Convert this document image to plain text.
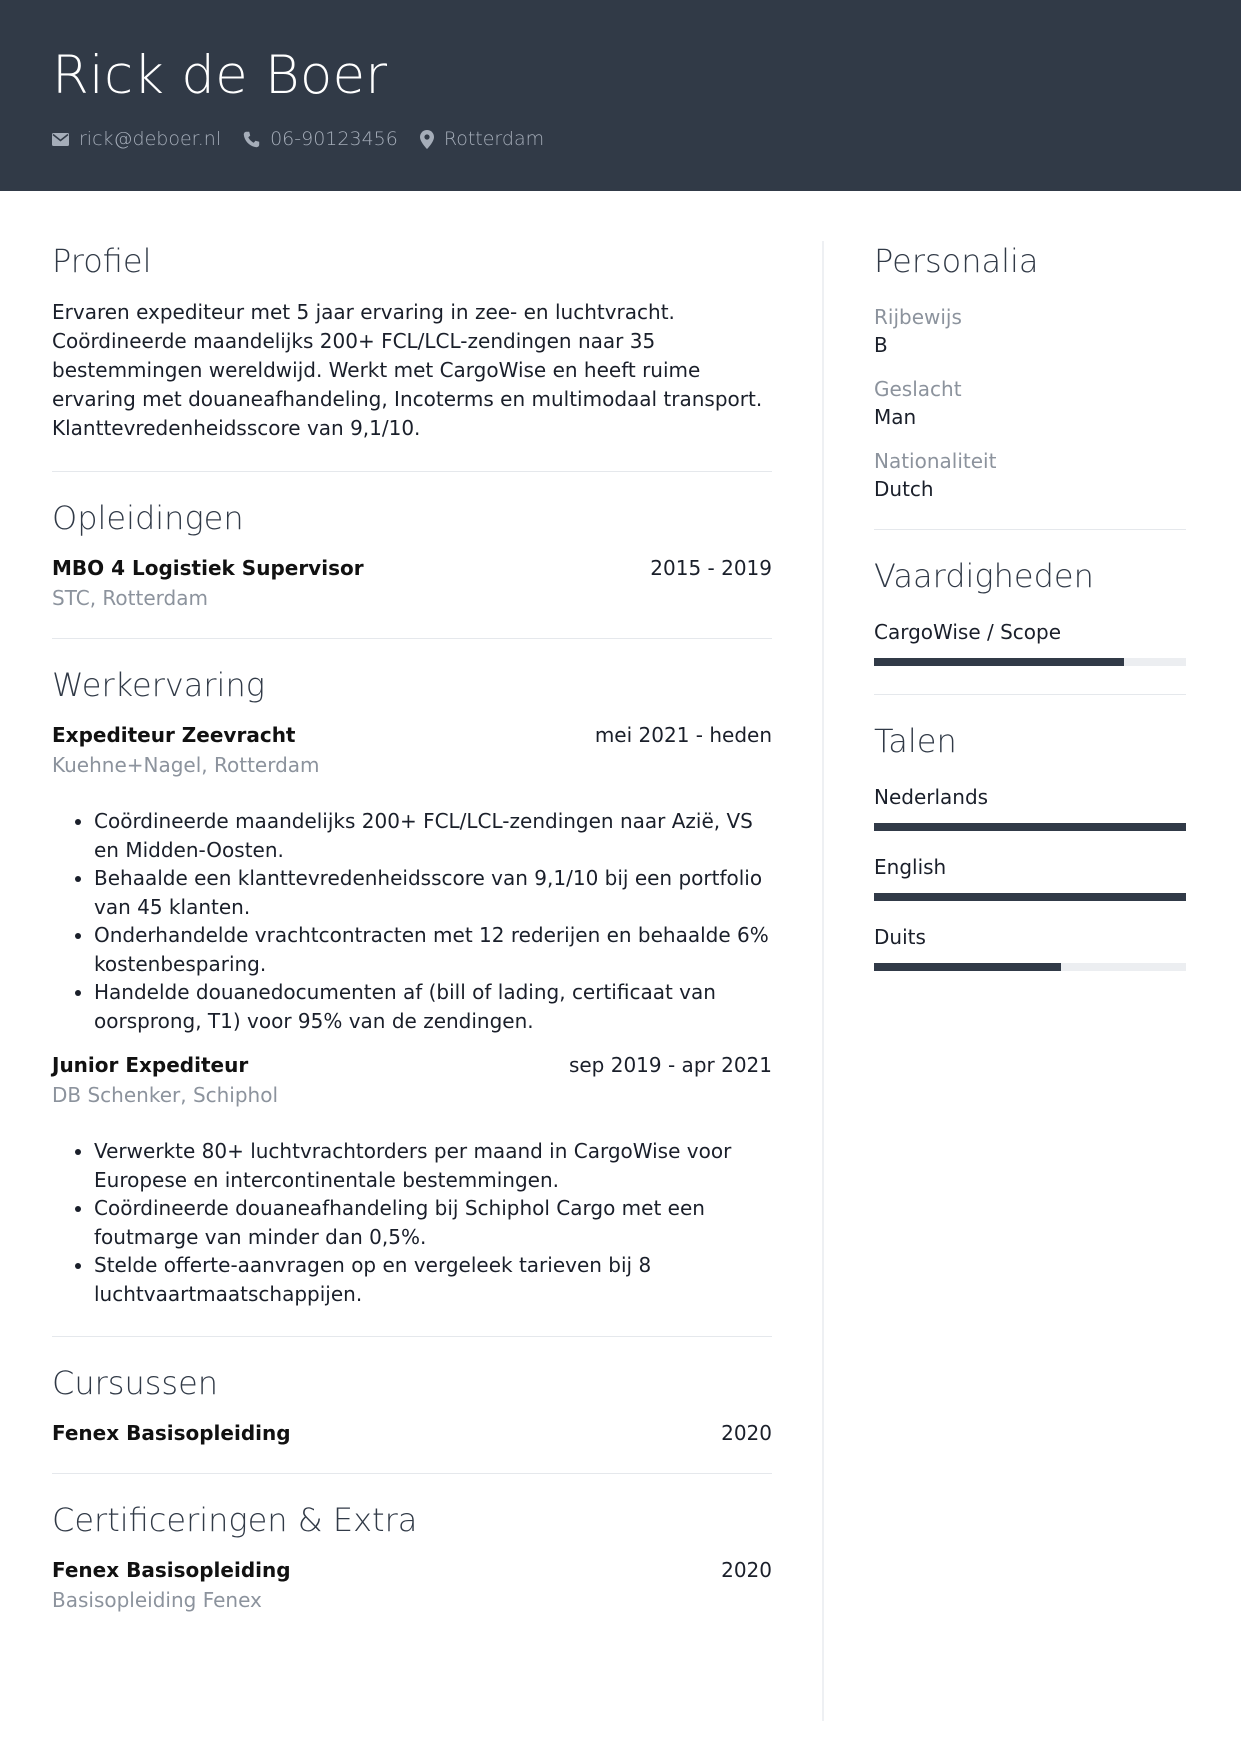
Rick de Boer
rick@deboer.nl	06-90123456 Rotterdam
Profiel

Ervaren expediteur met 5 jaar ervaring in zee- en luchtvracht. Coördineerde maandelijks 200+ FCL/LCL-zendingen naar 35 bestemmingen wereldwijd. Werkt met CargoWise en heeft ruime ervaring met douaneafhandeling, Incoterms en multimodaal transport. Klanttevredenheidsscore van 9,1/10.

Opleidingen
MBO 4 Logistiek Supervisor	2015 - 2019
STC, Rotterdam
Werkervaring
Expediteur Zeevracht	mei 2021 - heden
Kuehne+Nagel, Rotterdam
• Coördineerde maandelijks 200+ FCL/LCL-zendingen naar Azië, VS en Midden-Oosten.
• Behaalde een klanttevredenheidsscore van 9,1/10 bij een portfolio van 45 klanten.
• Onderhandelde vrachtcontracten met 12 rederijen en behaalde 6% kostenbesparing.
• Handelde douanedocumenten af (bill of lading, certificaat van oorsprong, T1) voor 95% van de zendingen.
Junior Expediteur	sep 2019 - apr 2021
DB Schenker, Schiphol
• Verwerkte 80+ luchtvrachtorders per maand in CargoWise voor Europese en intercontinentale bestemmingen.
• Coördineerde douaneafhandeling bij Schiphol Cargo met een foutmarge van minder dan 0,5%.
• Stelde offerte-aanvragen op en vergeleek tarieven bij 8 luchtvaartmaatschappijen.
Cursussen
Fenex Basisopleiding	2020
Certificeringen & Extra
Fenex Basisopleiding	2020
Basisopleiding Fenex
Personalia
Rijbewijs
B
Geslacht
Man
Nationaliteit
Dutch
Vaardigheden
CargoWise / Scope
Talen
Nederlands
English
Duits
